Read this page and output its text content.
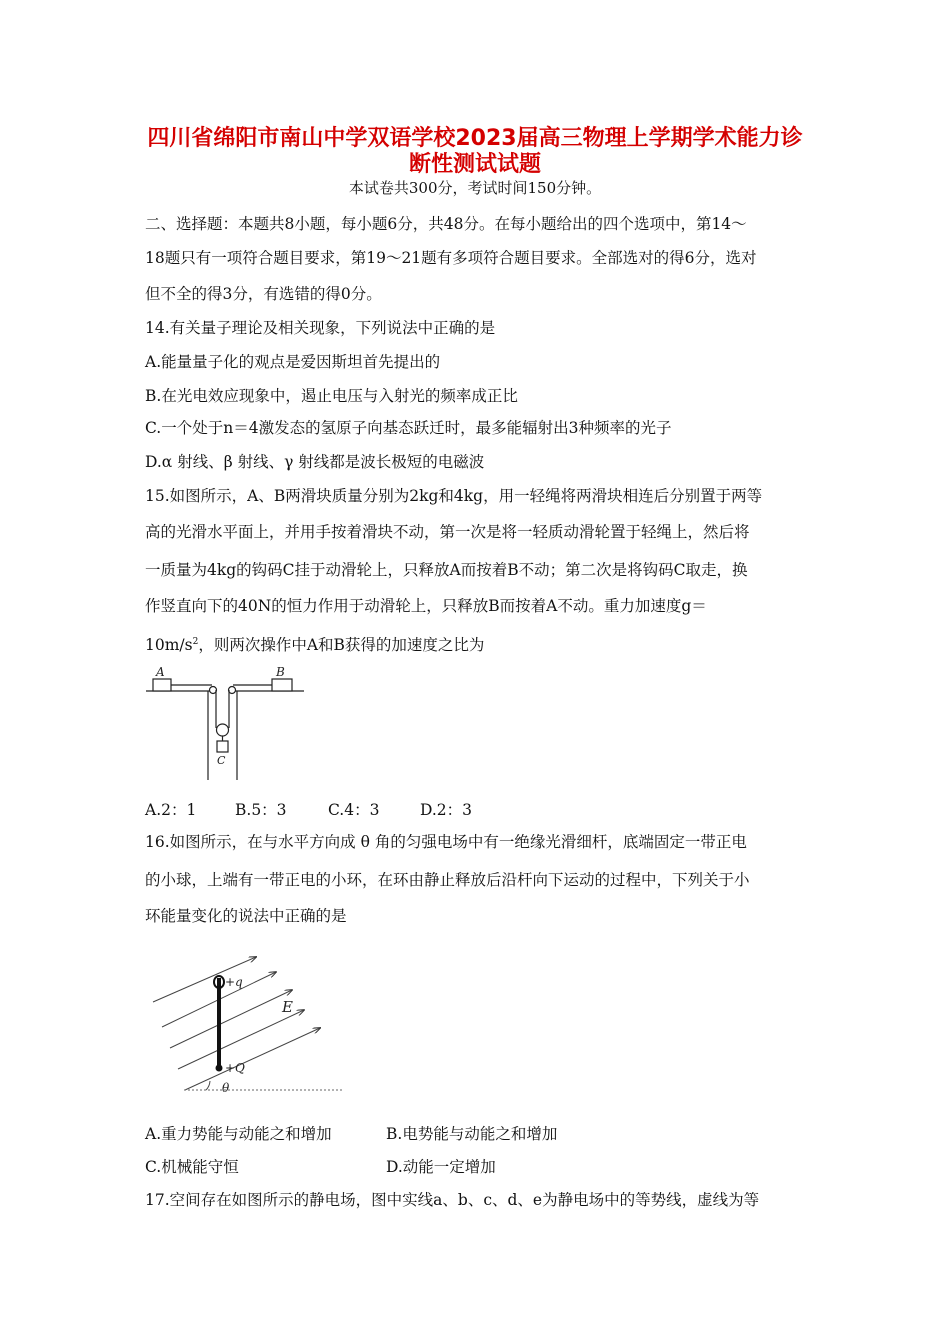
四川省绵阳市南山中学双语学校2023届高三物理上学期学术能力诊
断性测试试题
本试卷共300分，考试时间150分钟。
二、选择题：本题共8小题，每小题6分，共48分。在每小题给出的四个选项中，第14～
18题只有一项符合题目要求，第19～21题有多项符合题目要求。全部选对的得6分，选对
但不全的得3分，有选错的得0分。
14.有关量子理论及相关现象，下列说法中正确的是
A.能量量子化的观点是爱因斯坦首先提出的
B.在光电效应现象中，遏止电压与入射光的频率成正比
C.一个处于n＝4激发态的氢原子向基态跃迁时，最多能辐射出3种频率的光子
D.α 射线、β 射线、γ 射线都是波长极短的电磁波
15.如图所示，A、B两滑块质量分别为2kg和4kg，用一轻绳将两滑块相连后分别置于两等
高的光滑水平面上，并用手按着滑块不动，第一次是将一轻质动滑轮置于轻绳上，然后将
一质量为4kg的钩码C挂于动滑轮上，只释放A而按着B不动；第二次是将钩码C取走，换
作竖直向下的40N的恒力作用于动滑轮上，只释放B而按着A不动。重力加速度g＝
$10m/s^2$，则两次操作中A和B获得的加速度之比为
A	B
C
A.2：1 B.5：3	C.4：3	D.2：3
16.如图所示，在与水平方向成 θ 角的匀强电场中有一绝缘光滑细杆，底端固定一带正电
的小球，上端有一带正电的小环，在环由静止释放后沿杆向下运动的过程中，下列关于小
环能量变化的说法中正确的是
+q
+Q
E
θ
A.重力势能与动能之和增加	B.电势能与动能之和增加
C.机械能守恒	D.动能一定增加
17.空间存在如图所示的静电场，图中实线a、b、c、d、e为静电场中的等势线，虚线为等
